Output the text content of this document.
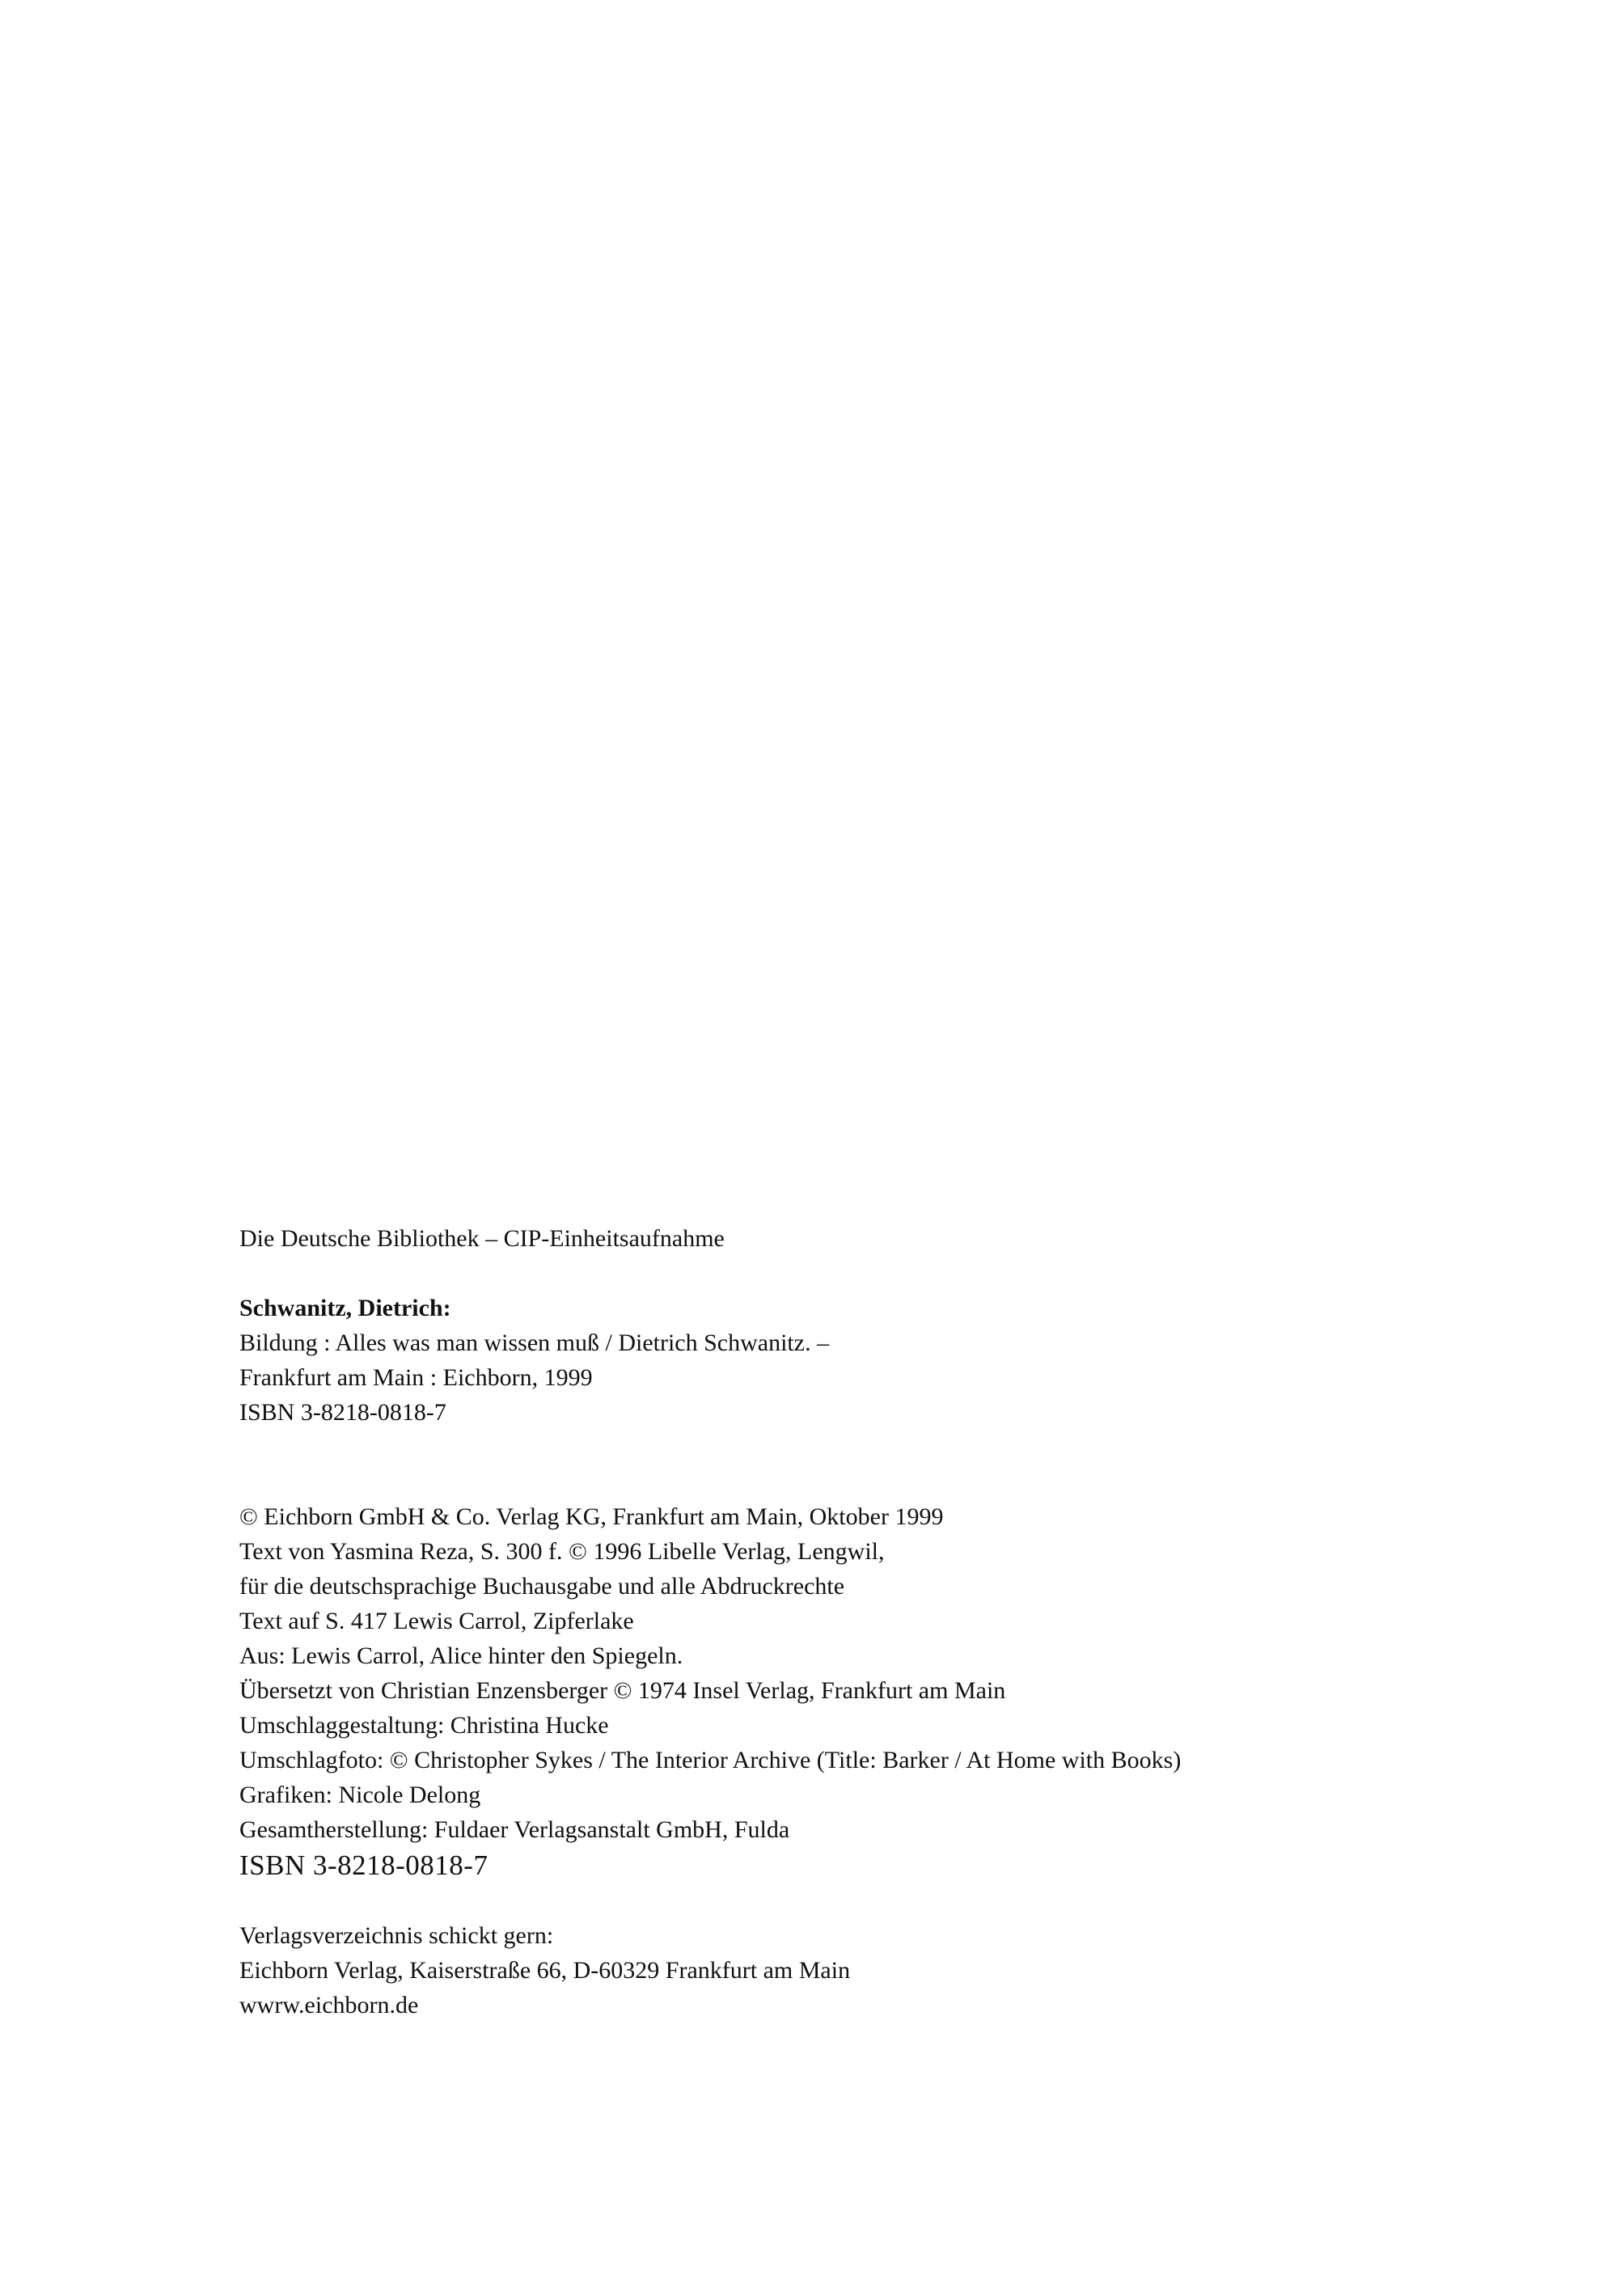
Die Deutsche Bibliothek – CIP-Einheitsaufnahme
Schwanitz, Dietrich:
Bildung : Alles was man wissen muß / Dietrich Schwanitz. –
Frankfurt am Main : Eichborn, 1999
ISBN 3-8218-0818-7
© Eichborn GmbH & Co. Verlag KG, Frankfurt am Main, Oktober 1999
Text von Yasmina Reza, S. 300 f. © 1996 Libelle Verlag, Lengwil,
für die deutschsprachige Buchausgabe und alle Abdruckrechte
Text auf S. 417 Lewis Carrol, Zipferlake
Aus: Lewis Carrol, Alice hinter den Spiegeln.
Übersetzt von Christian Enzensberger © 1974 Insel Verlag, Frankfurt am Main
Umschlaggestaltung: Christina Hucke
Umschlagfoto: © Christopher Sykes / The Interior Archive (Title: Barker / At Home with Books)
Grafiken: Nicole Delong
Gesamtherstellung: Fuldaer Verlagsanstalt GmbH, Fulda
ISBN 3-8218-0818-7
Verlagsverzeichnis schickt gern:
Eichborn Verlag, Kaiserstraße 66, D-60329 Frankfurt am Main
wwrw.eichborn.de
